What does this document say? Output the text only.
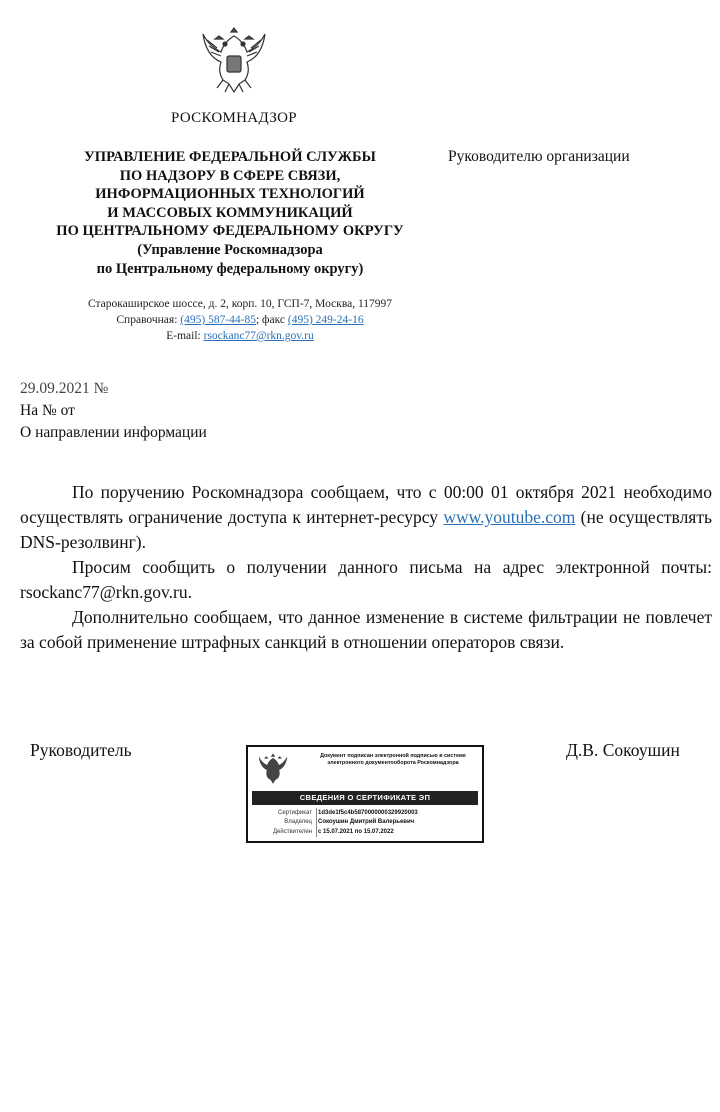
РОСКОМНАДЗОР
УПРАВЛЕНИЕ ФЕДЕРАЛЬНОЙ СЛУЖБЫ
ПО НАДЗОРУ В СФЕРЕ СВЯЗИ,
ИНФОРМАЦИОННЫХ ТЕХНОЛОГИЙ
И МАССОВЫХ КОММУНИКАЦИЙ
ПО ЦЕНТРАЛЬНОМУ ФЕДЕРАЛЬНОМУ ОКРУГУ
(Управление Роскомнадзора
по Центральному федеральному округу)
Руководителю организации
Старокаширское шоссе, д. 2, корп. 10, ГСП-7, Москва, 117997
Справочная: (495) 587-44-85; факс (495) 249-24-16
E-mail: rsockanc77@rkn.gov.ru
29.09.2021 №
На № от
О направлении информации

По поручению Роскомнадзора сообщаем, что с 00:00 01 октября 2021 необходимо осуществлять ограничение доступа к интернет-ресурсу www.youtube.com (не осуществлять DNS-резолвинг).

Просим сообщить о получении данного письма на адрес электронной почты: rsockanc77@rkn.gov.ru.

Дополнительно сообщаем, что данное изменение в системе фильтрации не повлечет за собой применение штрафных санкций в отношении операторов связи.

Руководитель	Д.В. Сокоушин
Документ подписан электронной подписью в системе электронного документооборота Роскомнадзора
СВЕДЕНИЯ О СЕРТИФИКАТЕ ЭП
Сертификат	1d3de1f5c4b5870000000329920003
Владелец	Сокоушин Дмитрий Валерьевич
Действителен	с 15.07.2021 по 15.07.2022
